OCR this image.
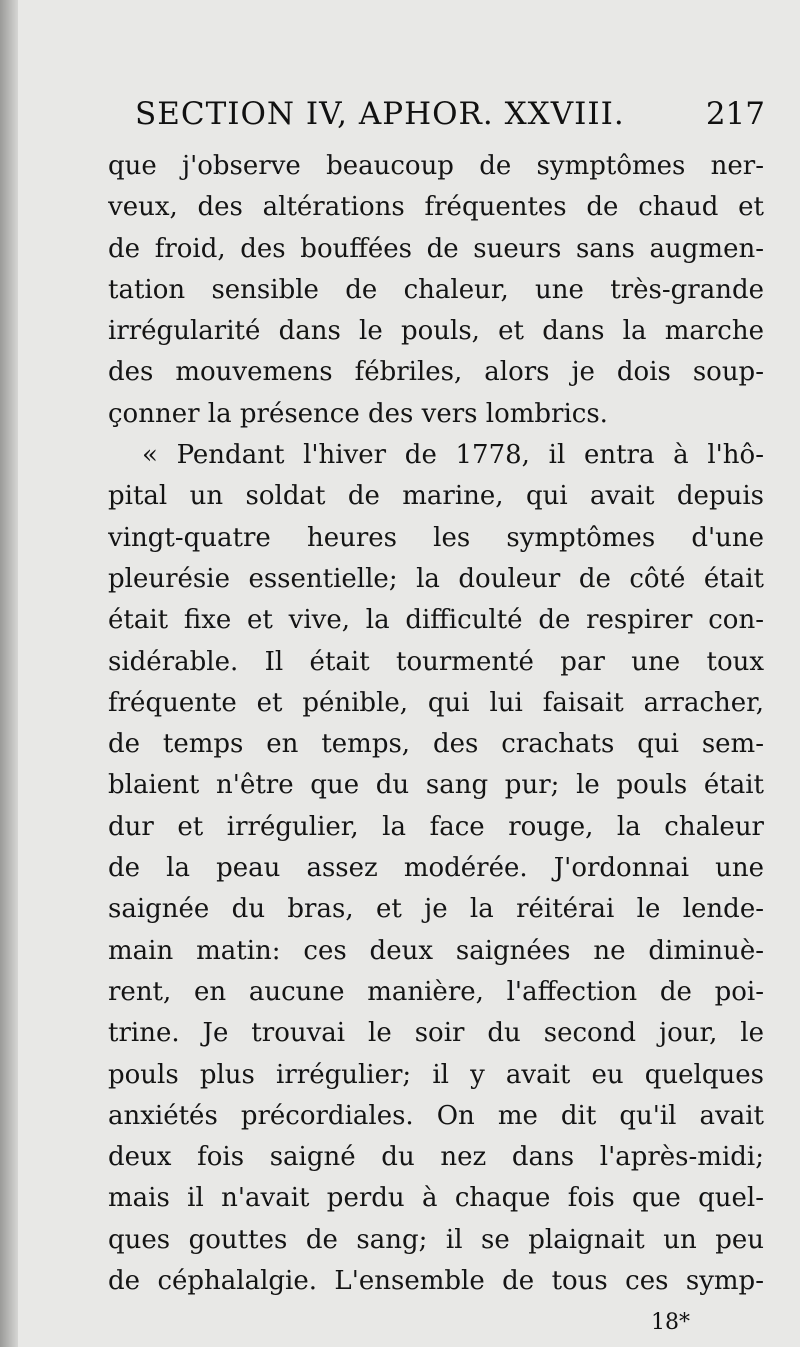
SECTION IV, APHOR. XXVIII.	217
que j'observe beaucoup de symptômes ner-
veux, des altérations fréquentes de chaud et
de froid, des bouffées de sueurs sans augmen-
tation sensible de chaleur, une très-grande
irrégularité dans le pouls, et dans la marche
des mouvemens fébriles, alors je dois soup-
çonner la présence des vers lombrics.
« Pendant l'hiver de 1778, il entra à l'hô-
pital un soldat de marine, qui avait depuis
vingt-quatre heures les symptômes d'une
pleurésie essentielle; la douleur de côté était
était fixe et vive, la difficulté de respirer con-
sidérable. Il était tourmenté par une toux
fréquente et pénible, qui lui faisait arracher,
de temps en temps, des crachats qui sem-
blaient n'être que du sang pur; le pouls était
dur et irrégulier, la face rouge, la chaleur
de la peau assez modérée. J'ordonnai une
saignée du bras, et je la réitérai le lende-
main matin: ces deux saignées ne diminuè-
rent, en aucune manière, l'affection de poi-
trine. Je trouvai le soir du second jour, le
pouls plus irrégulier; il y avait eu quelques
anxiétés précordiales. On me dit qu'il avait
deux fois saigné du nez dans l'après-midi;
mais il n'avait perdu à chaque fois que quel-
ques gouttes de sang; il se plaignait un peu
de céphalalgie. L'ensemble de tous ces symp-
18*
